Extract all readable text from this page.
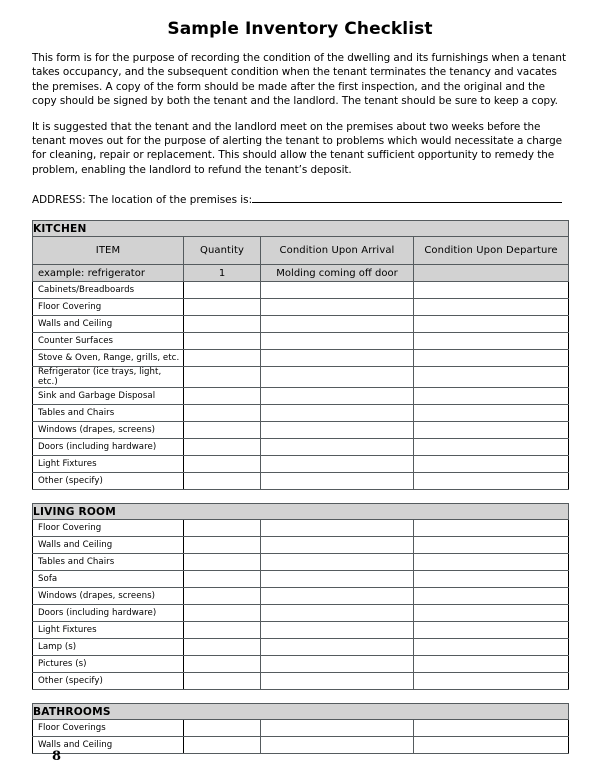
Sample Inventory Checklist

This form is for the purpose of recording the condition of the dwelling and its furnishings when a tenant takes occupancy, and the subsequent condition when the tenant terminates the tenancy and vacates the premises. A copy of the form should be made after the first inspection, and the original and the copy should be signed by both the tenant and the landlord. The tenant should be sure to keep a copy.

It is suggested that the tenant and the landlord meet on the premises about two weeks before the tenant moves out for the purpose of alerting the tenant to problems which would necessitate a charge for cleaning, repair or replacement. This should allow the tenant sufficient opportunity to remedy the problem, enabling the landlord to refund the tenant’s deposit.

ADDRESS: The location of the premises is:
KITCHEN			
ITEM	Quantity	Condition Upon Arrival	Condition Upon Departure
example: refrigerator	1	Molding coming off door	
Cabinets/Breadboards			
Floor Covering			
Walls and Ceiling			
Counter Surfaces			
Stove & Oven, Range, grills, etc.			
Refrigerator (ice trays, light, etc.)			
Sink and Garbage Disposal			
Tables and Chairs			
Windows (drapes, screens)			
Doors (including hardware)			
Light Fixtures			
Other (specify)			
LIVING ROOM			
Floor Covering			
Walls and Ceiling			
Tables and Chairs			
Sofa			
Windows (drapes, screens)			
Doors (including hardware)			
Light Fixtures			
Lamp (s)			
Pictures (s)			
Other (specify)			
BATHROOMS			
Floor Coverings			
Walls and Ceiling			
8
